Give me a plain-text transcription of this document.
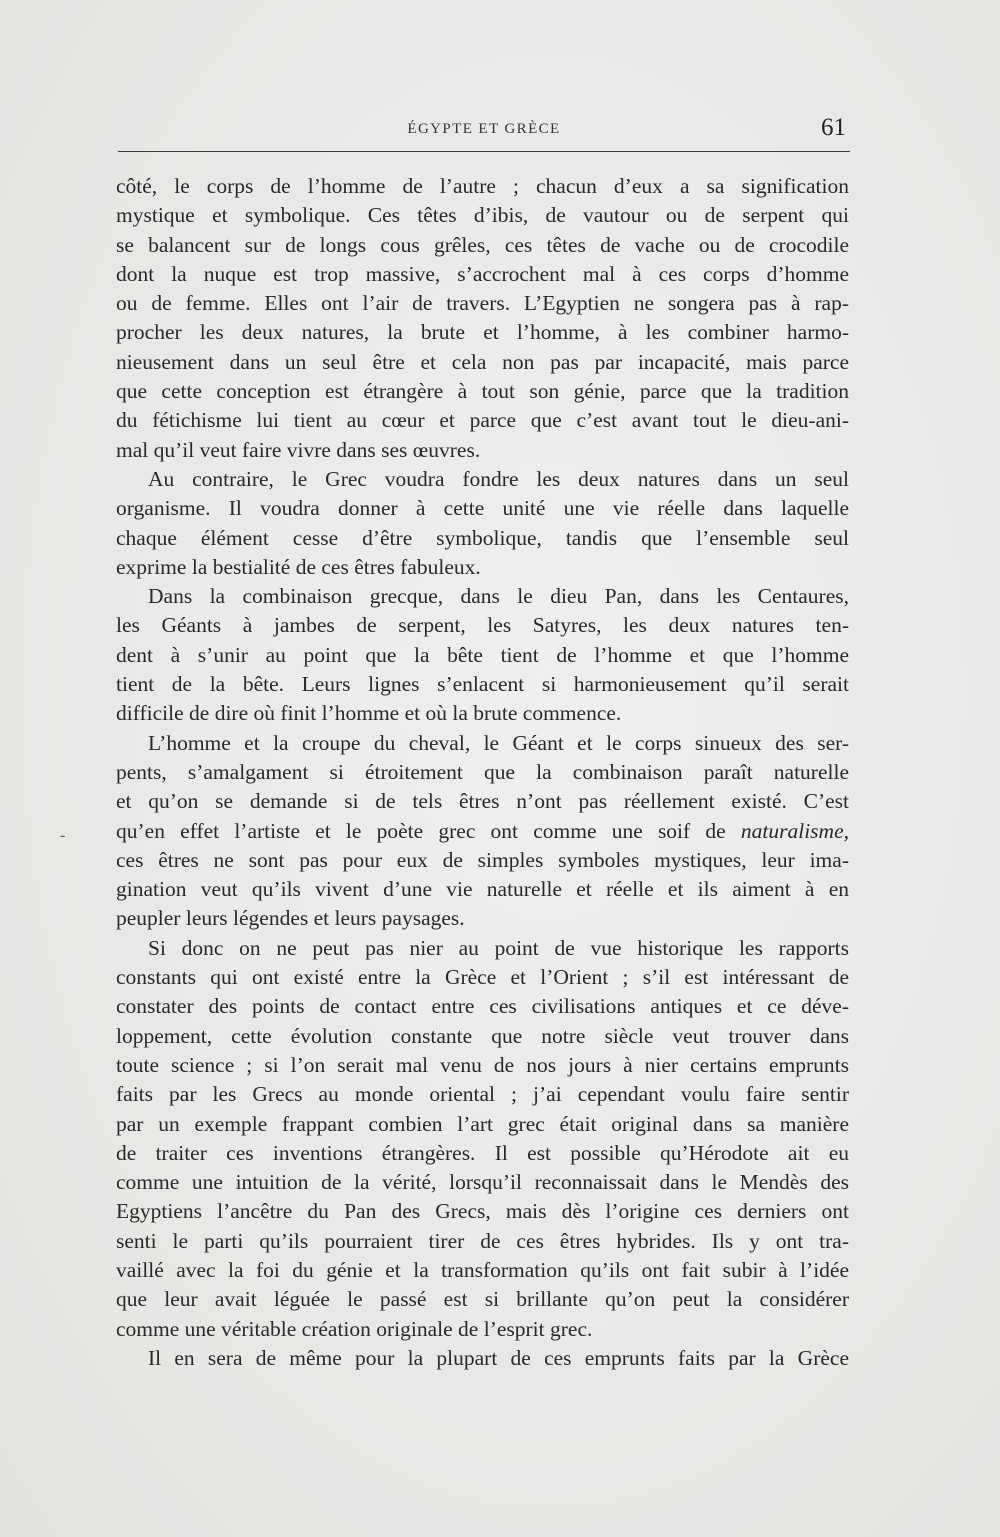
ÉGYPTE ET GRÈCE	61
-
côté, le corps de l’homme de l’autre ; chacun d’eux a sa signification
mystique et symbolique. Ces têtes d’ibis, de vautour ou de serpent qui
se balancent sur de longs cous grêles, ces têtes de vache ou de crocodile
dont la nuque est trop massive, s’accrochent mal à ces corps d’homme
ou de femme. Elles ont l’air de travers. L’Egyptien ne songera pas à rap-
procher les deux natures, la brute et l’homme, à les combiner harmo-
nieusement dans un seul être et cela non pas par incapacité, mais parce
que cette conception est étrangère à tout son génie, parce que la tradition
du fétichisme lui tient au cœur et parce que c’est avant tout le dieu-ani-
mal qu’il veut faire vivre dans ses œuvres.
Au contraire, le Grec voudra fondre les deux natures dans un seul
organisme. Il voudra donner à cette unité une vie réelle dans laquelle
chaque élément cesse d’être symbolique, tandis que l’ensemble seul
exprime la bestialité de ces êtres fabuleux.
Dans la combinaison grecque, dans le dieu Pan, dans les Centaures,
les Géants à jambes de serpent, les Satyres, les deux natures ten-
dent à s’unir au point que la bête tient de l’homme et que l’homme
tient de la bête. Leurs lignes s’enlacent si harmonieusement qu’il serait
difficile de dire où finit l’homme et où la brute commence.
L’homme et la croupe du cheval, le Géant et le corps sinueux des ser-
pents, s’amalgament si étroitement que la combinaison paraît naturelle
et qu’on se demande si de tels êtres n’ont pas réellement existé. C’est
qu’en effet l’artiste et le poète grec ont comme une soif de naturalisme,
ces êtres ne sont pas pour eux de simples symboles mystiques, leur ima-
gination veut qu’ils vivent d’une vie naturelle et réelle et ils aiment à en
peupler leurs légendes et leurs paysages.
Si donc on ne peut pas nier au point de vue historique les rapports
constants qui ont existé entre la Grèce et l’Orient ; s’il est intéressant de
constater des points de contact entre ces civilisations antiques et ce déve-
loppement, cette évolution constante que notre siècle veut trouver dans
toute science ; si l’on serait mal venu de nos jours à nier certains emprunts
faits par les Grecs au monde oriental ; j’ai cependant voulu faire sentir
par un exemple frappant combien l’art grec était original dans sa manière
de traiter ces inventions étrangères. Il est possible qu’Hérodote ait eu
comme une intuition de la vérité, lorsqu’il reconnaissait dans le Mendès des
Egyptiens l’ancêtre du Pan des Grecs, mais dès l’origine ces derniers ont
senti le parti qu’ils pourraient tirer de ces êtres hybrides. Ils y ont tra-
vaillé avec la foi du génie et la transformation qu’ils ont fait subir à l’idée
que leur avait léguée le passé est si brillante qu’on peut la considérer
comme une véritable création originale de l’esprit grec.
Il en sera de même pour la plupart de ces emprunts faits par la Grèce
